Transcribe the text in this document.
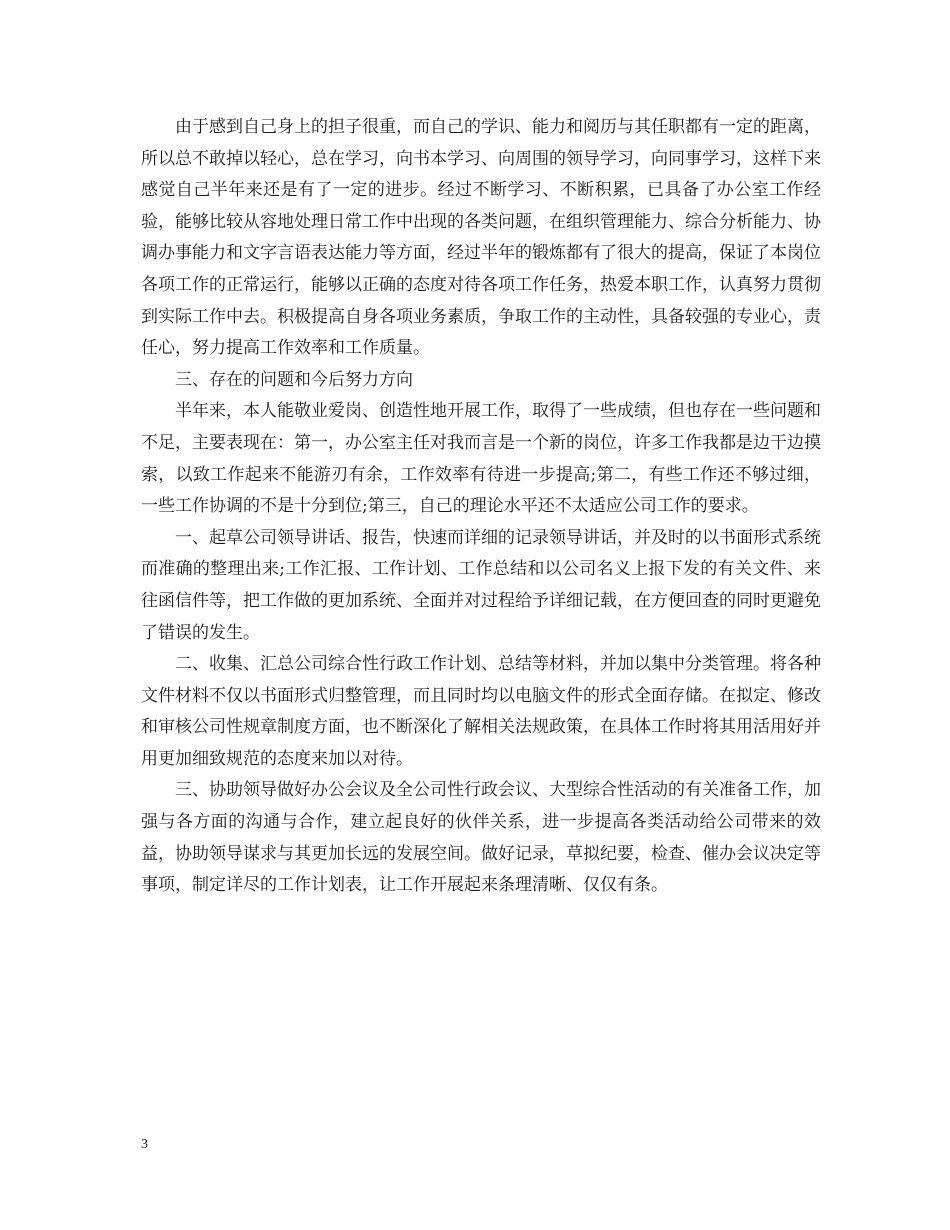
由于感到自己身上的担子很重，而自己的学识、能力和阅历与其任职都有一定的距离，所以总不敢掉以轻心，总在学习，向书本学习、向周围的领导学习，向同事学习，这样下来感觉自己半年来还是有了一定的进步。经过不断学习、不断积累，已具备了办公室工作经验，能够比较从容地处理日常工作中出现的各类问题，在组织管理能力、综合分析能力、协调办事能力和文字言语表达能力等方面，经过半年的锻炼都有了很大的提高，保证了本岗位各项工作的正常运行，能够以正确的态度对待各项工作任务，热爱本职工作，认真努力贯彻到实际工作中去。积极提高自身各项业务素质，争取工作的主动性，具备较强的专业心，责任心，努力提高工作效率和工作质量。

三、存在的问题和今后努力方向

半年来，本人能敬业爱岗、创造性地开展工作，取得了一些成绩，但也存在一些问题和不足，主要表现在：第一，办公室主任对我而言是一个新的岗位，许多工作我都是边干边摸索，以致工作起来不能游刃有余，工作效率有待进一步提高;第二，有些工作还不够过细，一些工作协调的不是十分到位;第三，自己的理论水平还不太适应公司工作的要求。

一、起草公司领导讲话、报告，快速而详细的记录领导讲话，并及时的以书面形式系统而准确的整理出来;工作汇报、工作计划、工作总结和以公司名义上报下发的有关文件、来往函信件等，把工作做的更加系统、全面并对过程给予详细记载，在方便回查的同时更避免了错误的发生。

二、收集、汇总公司综合性行政工作计划、总结等材料，并加以集中分类管理。将各种文件材料不仅以书面形式归整管理，而且同时均以电脑文件的形式全面存储。在拟定、修改和审核公司性规章制度方面，也不断深化了解相关法规政策，在具体工作时将其用活用好并用更加细致规范的态度来加以对待。

三、协助领导做好办公会议及全公司性行政会议、大型综合性活动的有关准备工作，加强与各方面的沟通与合作，建立起良好的伙伴关系，进一步提高各类活动给公司带来的效益，协助领导谋求与其更加长远的发展空间。做好记录，草拟纪要，检查、催办会议决定等事项，制定详尽的工作计划表，让工作开展起来条理清晰、仅仅有条。

3
